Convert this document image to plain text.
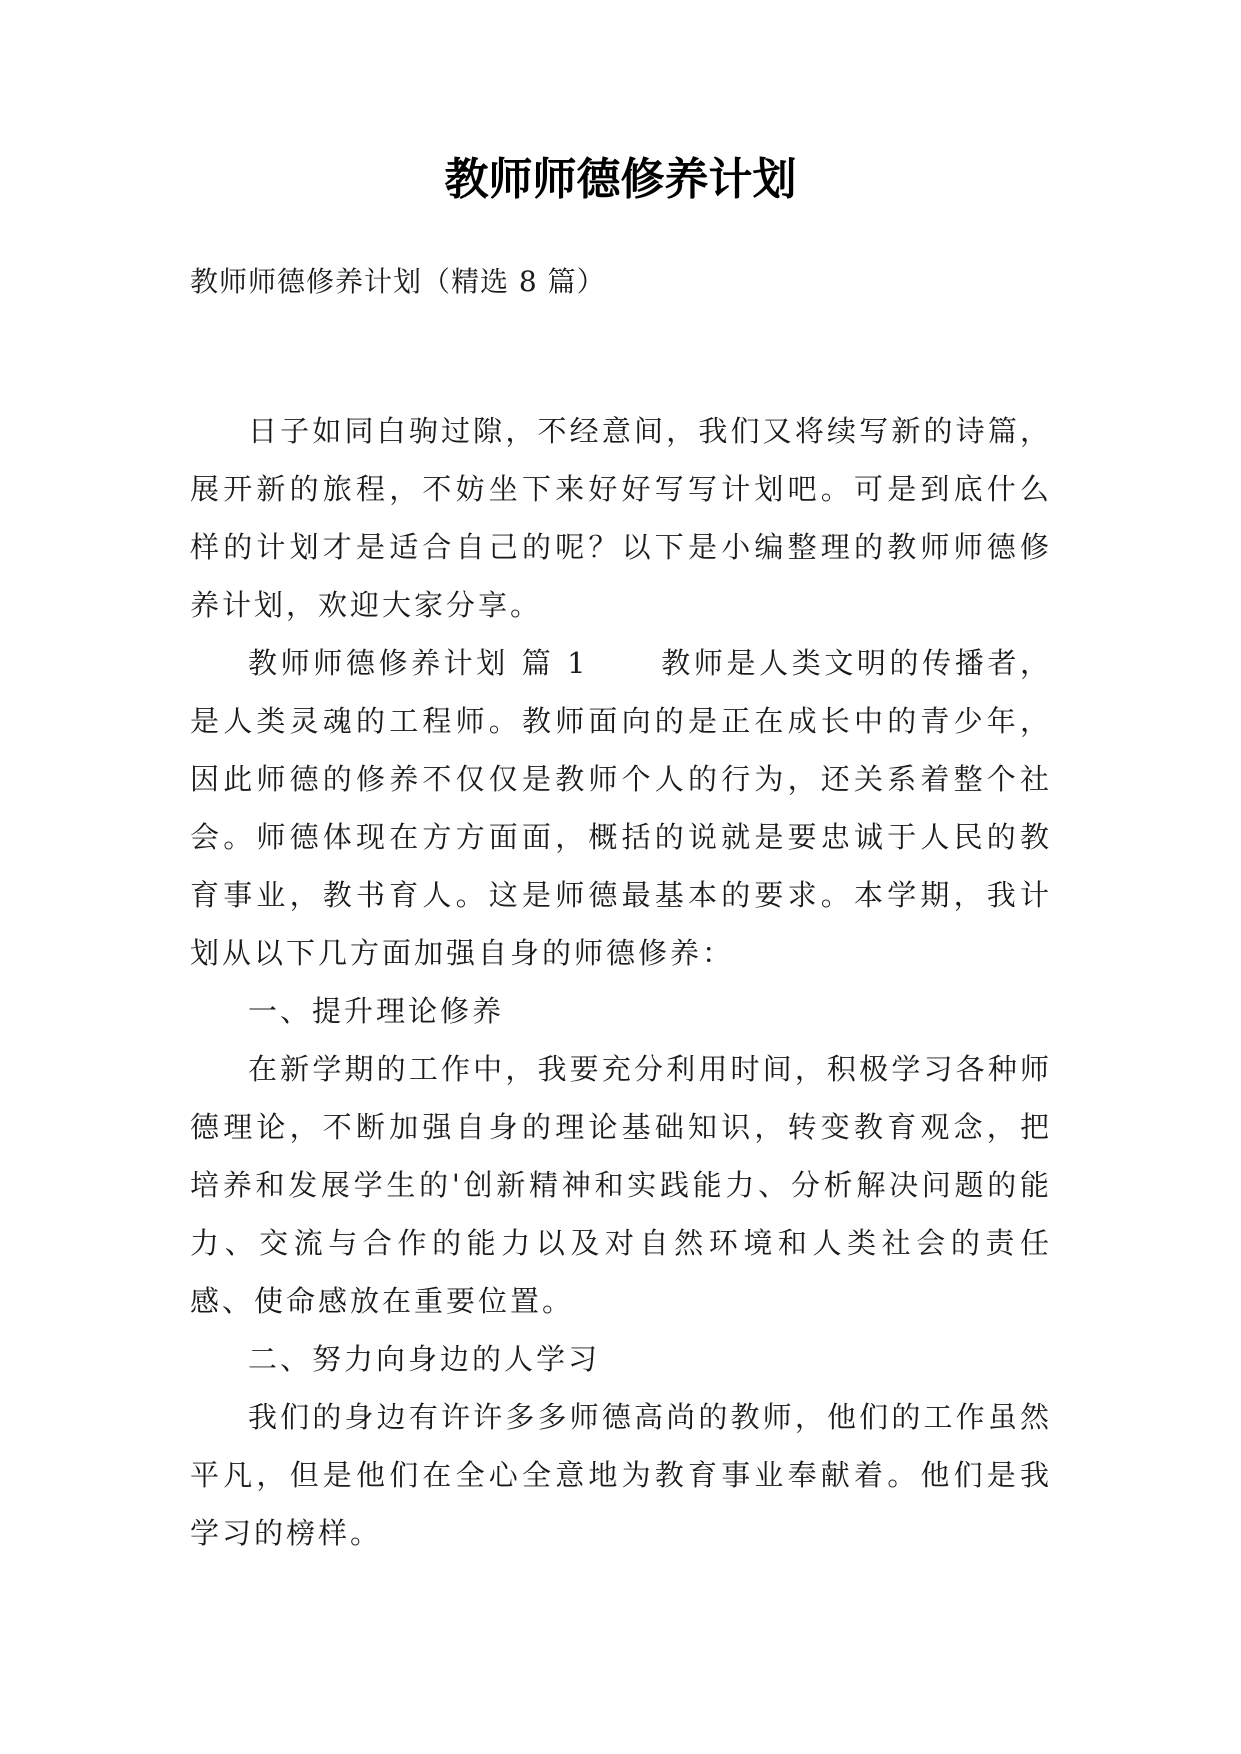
教师师德修养计划

教师师德修养计划（精选 8 篇）

日子如同白驹过隙，不经意间，我们又将续写新的诗篇，展开新的旅程，不妨坐下来好好写写计划吧。可是到底什么样的计划才是适合自己的呢？以下是小编整理的教师师德修养计划，欢迎大家分享。

教师师德修养计划 篇 1 教师是人类文明的传播者，是人类灵魂的工程师。教师面向的是正在成长中的青少年，因此师德的修养不仅仅是教师个人的行为，还关系着整个社会。师德体现在方方面面，概括的说就是要忠诚于人民的教育事业，教书育人。这是师德最基本的要求。本学期，我计划从以下几方面加强自身的师德修养：

一、提升理论修养

在新学期的工作中，我要充分利用时间，积极学习各种师德理论，不断加强自身的理论基础知识，转变教育观念，把培养和发展学生的'创新精神和实践能力、分析解决问题的能力、交流与合作的能力以及对自然环境和人类社会的责任感、使命感放在重要位置。

二、努力向身边的人学习

我们的身边有许许多多师德高尚的教师，他们的工作虽然平凡，但是他们在全心全意地为教育事业奉献着。他们是我学习的榜样。
